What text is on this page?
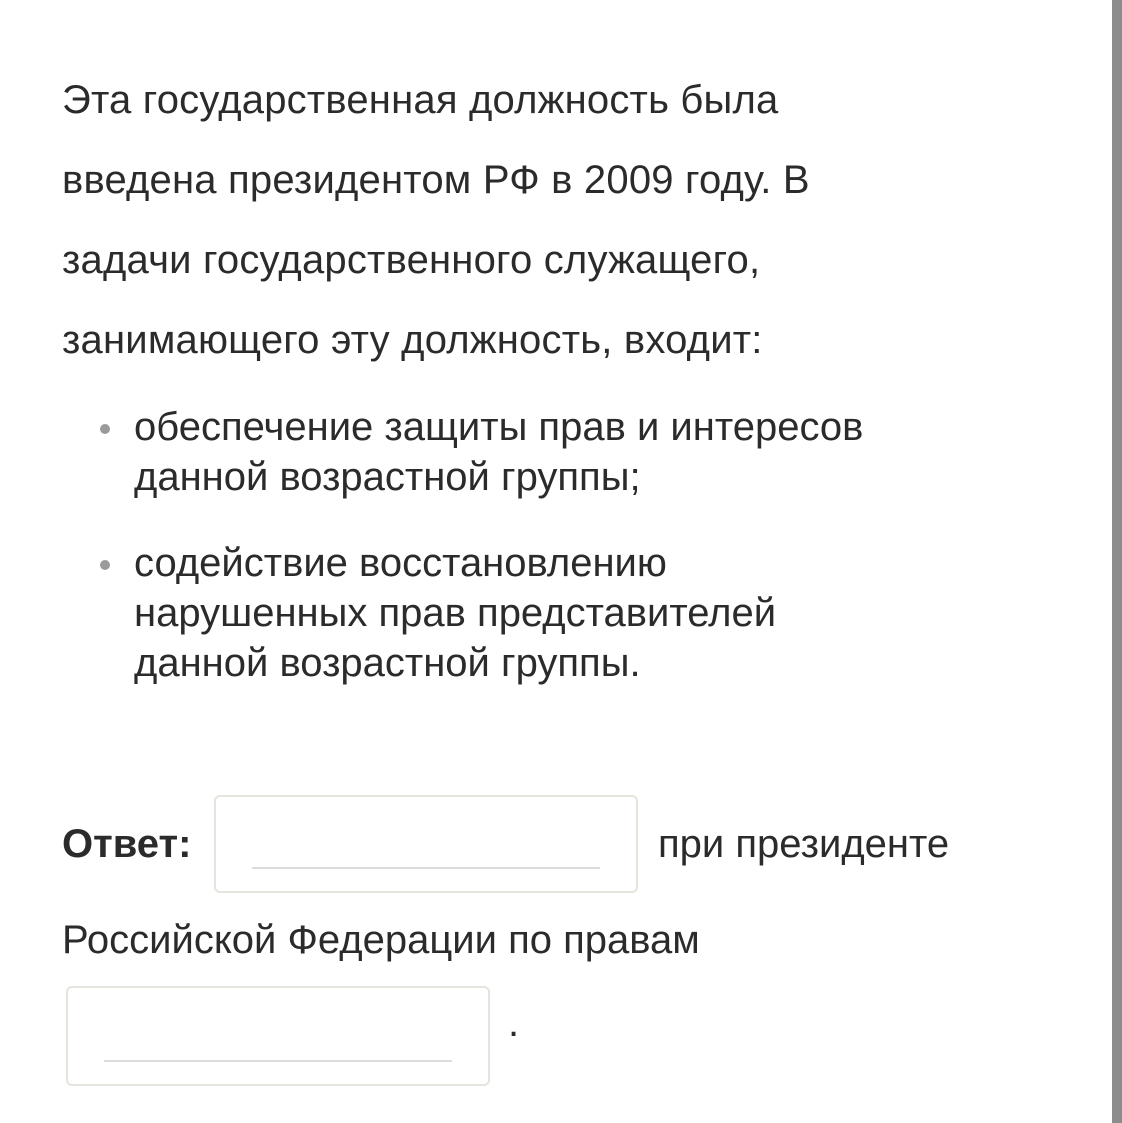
Эта государственная должность была

введена президентом РФ в 2009 году. В

задачи государственного служащего,

занимающего эту должность, входит:

обеспечение защиты прав и интересов
данной возрастной группы;
содействие восстановлению
нарушенных прав представителей
данной возрастной группы.
Ответ:	при президенте
Российской Федерации по правам
.
